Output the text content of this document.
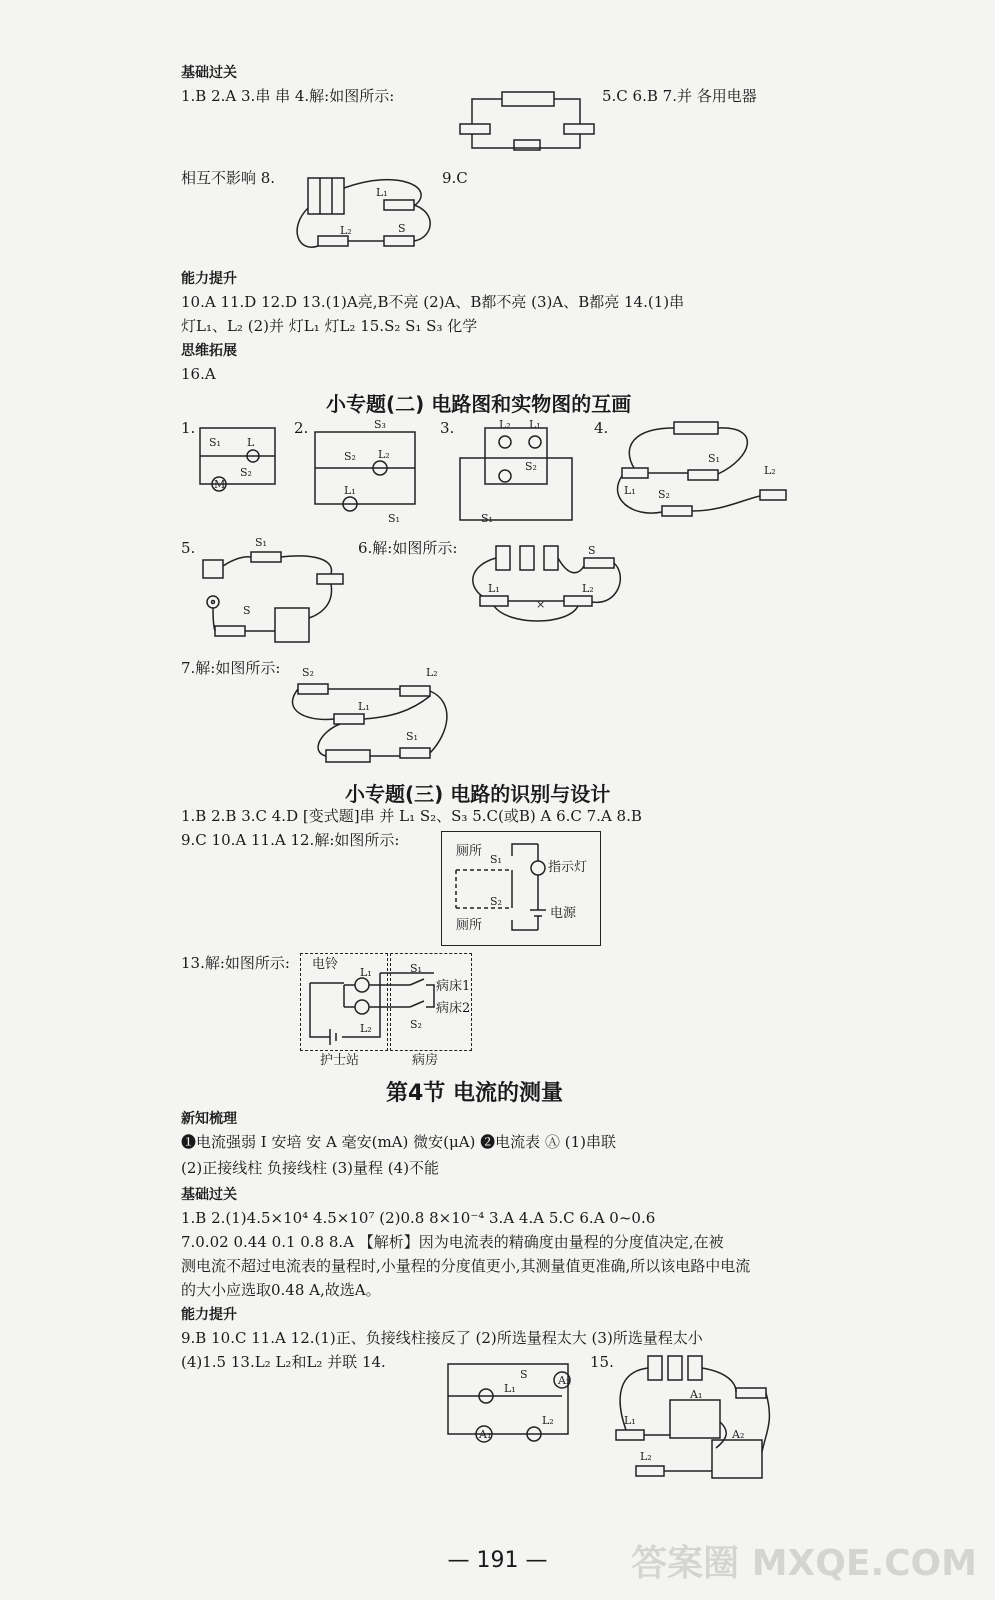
基础过关
1.B 2.A 3.串 串 4.解:如图所示:	5.C 6.B 7.并 各用电器
相互不影响 8.
L₁
L₂	S
9.C
能力提升
10.A 11.D 12.D 13.(1)A亮,B不亮 (2)A、B都不亮 (3)A、B都亮 14.(1)串
灯L₁、L₂ (2)并 灯L₁ 灯L₂ 15.S₂ S₁ S₃ 化学
思维拓展
16.A
小专题(二) 电路图和实物图的互画
1.
L
S₁
M
S₂
2.
L₂
S₂
S₃
L₁
S₁
3.	L₂ L₁
S₂
S₁
4.
L₁
S₁
S₂
L₂
5.	S₁
S
6.解:如图所示:	S
L₁	L₂
×
7.解:如图所示: S₂	L₂
L₁
S₁
小专题(三) 电路的识别与设计
1.B 2.B 3.C 4.D [变式题]串 并 L₁ S₂、S₃ 5.C(或B) A 6.C 7.A 8.B
9.C 10.A 11.A 12.解:如图所示:
厕所
S₁
指示灯
S₂
电源
厕所
13.解:如图所示: 电铃
L₁
L₂
S₁
S₂
病床1
病床2
护士站	病房
第4节 电流的测量
新知梳理
❶电流强弱 I 安培 安 A 毫安(mA) 微安(μA) ❷电流表 Ⓐ (1)串联
(2)正接线柱 负接线柱 (3)量程 (4)不能
基础过关
1.B 2.(1)4.5×10⁴ 4.5×10⁷ (2)0.8 8×10⁻⁴ 3.A 4.A 5.C 6.A 0~0.6
7.0.02 0.44 0.1 0.8 8.A 【解析】因为电流表的精确度由量程的分度值决定,在被
测电流不超过电流表的量程时,小量程的分度值更小,其测量值更准确,所以该电路中电流
的大小应选取0.48 A,故选A。
能力提升
9.B 10.C 11.A 12.(1)正、负接线柱接反了 (2)所选量程太大 (3)所选量程太小
(4)1.5 13.L₂ L₂和L₂ 并联 14.
L₁
S	A₂
A₁
L₂
15.
A₁
A₂
L₁
L₂
— 191 —	答案圈 MXQE.COM
